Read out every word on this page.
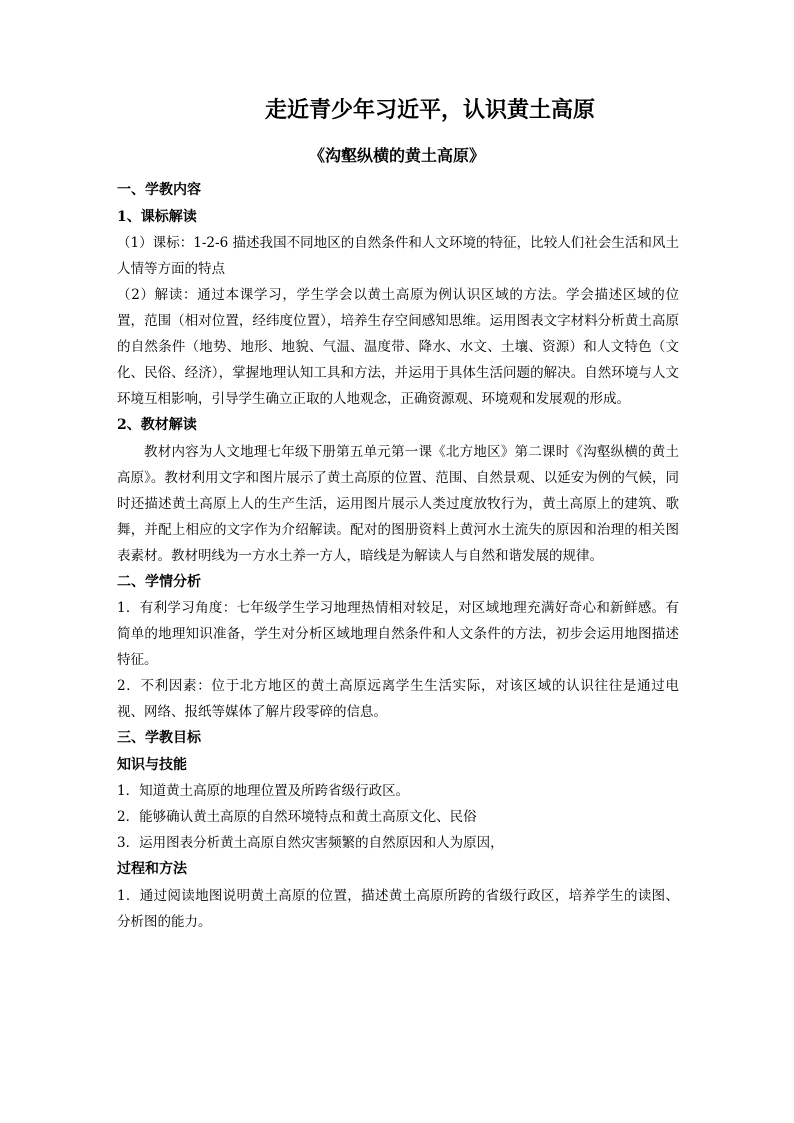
走近青少年习近平，认识黄土高原
《沟壑纵横的黄土高原》

一、学教内容

1、课标解读

（1）课标：1-2-6 描述我国不同地区的自然条件和人文环境的特征，比较人们社会生活和风土人情等方面的特点

（2）解读：通过本课学习，学生学会以黄土高原为例认识区域的方法。学会描述区域的位置，范围（相对位置，经纬度位置），培养生存空间感知思维。运用图表文字材料分析黄土高原的自然条件（地势、地形、地貌、气温、温度带、降水、水文、土壤、资源）和人文特色（文化、民俗、经济），掌握地理认知工具和方法，并运用于具体生活问题的解决。自然环境与人文环境互相影响，引导学生确立正取的人地观念，正确资源观、环境观和发展观的形成。

2、教材解读

教材内容为人文地理七年级下册第五单元第一课《北方地区》第二课时《沟壑纵横的黄土高原》。教材利用文字和图片展示了黄土高原的位置、范围、自然景观、以延安为例的气候，同时还描述黄土高原上人的生产生活，运用图片展示人类过度放牧行为，黄土高原上的建筑、歌舞，并配上相应的文字作为介绍解读。配对的图册资料上黄河水土流失的原因和治理的相关图表素材。教材明线为一方水土养一方人，暗线是为解读人与自然和谐发展的规律。

二、学情分析

1．有利学习角度：七年级学生学习地理热情相对较足，对区域地理充满好奇心和新鲜感。有简单的地理知识准备，学生对分析区域地理自然条件和人文条件的方法，初步会运用地图描述特征。

2．不利因素：位于北方地区的黄土高原远离学生生活实际，对该区域的认识往往是通过电视、网络、报纸等媒体了解片段零碎的信息。

三、学教目标

知识与技能

1．知道黄土高原的地理位置及所跨省级行政区。

2．能够确认黄土高原的自然环境特点和黄土高原文化、民俗

3．运用图表分析黄土高原自然灾害频繁的自然原因和人为原因，

过程和方法

1．通过阅读地图说明黄土高原的位置，描述黄土高原所跨的省级行政区，培养学生的读图、分析图的能力。
